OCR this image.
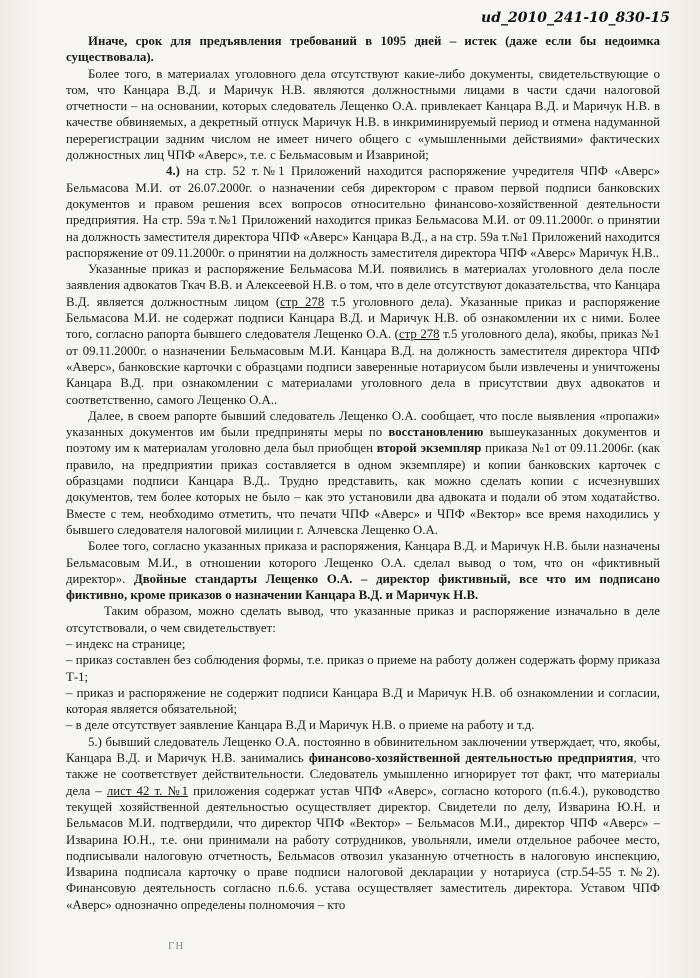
ud_2010_241-10_830-15

Иначе, срок для предъявления требований в 1095 дней – истек (даже если бы недоимка существовала).

Более того, в материалах уголовного дела отсутствуют какие-либо документы, свидетельствующие о том, что Канцара В.Д. и Маричук Н.В. являются должностными лицами в части сдачи налоговой отчетности – на основании, которых следователь Лещенко О.А. привлекает Канцара В.Д. и Маричук Н.В. в качестве обвиняемых, а декретный отпуск Маричук Н.В. в инкриминируемый период и отмена надуманной перерегистрации задним числом не имеет ничего общего с «умышленными действиями» фактических должностных лиц ЧПФ «Аверс», т.е. с Бельмасовым и Изавриной;

4.) на стр. 52 т.№1 Приложений находится распоряжение учредителя ЧПФ «Аверс» Бельмасова М.И. от 26.07.2000г. о назначении себя директором с правом первой подписи банковских документов и правом решения всех вопросов относительно финансово-хозяйственной деятельности предприятия. На стр. 59а т.№1 Приложений находится приказ Бельмасова М.И. от 09.11.2000г. о принятии на должность заместителя директора ЧПФ «Аверс» Канцара В.Д., а на стр. 59а т.№1 Приложений находится распоряжение от 09.11.2000г. о принятии на должность заместителя директора ЧПФ «Аверс» Маричук Н.В..

Указанные приказ и распоряжение Бельмасова М.И. появились в материалах уголовного дела после заявления адвокатов Ткач В.В. и Алексеевой Н.В. о том, что в деле отсутствуют доказательства, что Канцара В.Д. является должностным лицом (стр 278 т.5 уголовного дела). Указанные приказ и распоряжение Бельмасова М.И. не содержат подписи Канцара В.Д. и Маричук Н.В. об ознакомлении их с ними. Более того, согласно рапорта бывшего следователя Лещенко О.А. (стр 278 т.5 уголовного дела), якобы, приказ №1 от 09.11.2000г. о назначении Бельмасовым М.И. Канцара В.Д. на должность заместителя директора ЧПФ «Аверс», банковские карточки с образцами подписи заверенные нотариусом были извлечены и уничтожены Канцара В.Д. при ознакомлении с материалами уголовного дела в присутствии двух адвокатов и соответственно, самого Лещенко О.А..

Далее, в своем рапорте бывший следователь Лещенко О.А. сообщает, что после выявления «пропажи» указанных документов им были предприняты меры по восстановлению вышеуказанных документов и поэтому им к материалам уголовно дела был приобщен второй экземпляр приказа №1 от 09.11.2006г. (как правило, на предприятии приказ составляется в одном экземпляре) и копии банковских карточек с образцами подписи Канцара В.Д.. Трудно представить, как можно сделать копии с исчезнувших документов, тем более которых не было – как это установили два адвоката и подали об этом ходатайство. Вместе с тем, необходимо отметить, что печати ЧПФ «Аверс» и ЧПФ «Вектор» все время находились у бывшего следователя налоговой милиции г. Алчевска Лещенко О.А.

Более того, согласно указанных приказа и распоряжения, Канцара В.Д. и Маричук Н.В. были назначены Бельмасовым М.И., в отношении которого Лещенко О.А. сделал вывод о том, что он «фиктивный директор». Двойные стандарты Лещенко О.А. – директор фиктивный, все что им подписано фиктивно, кроме приказов о назначении Канцара В.Д. и Маричук Н.В.

Таким образом, можно сделать вывод, что указанные приказ и распоряжение изначально в деле отсутствовали, о чем свидетельствует:

– индекс на странице;

– приказ составлен без соблюдения формы, т.е. приказ о приеме на работу должен содержать форму приказа Т-1;

– приказ и распоряжение не содержит подписи Канцара В.Д и Маричук Н.В. об ознакомлении и согласии, которая является обязательной;

– в деле отсутствует заявление Канцара В.Д и Маричук Н.В. о приеме на работу и т.д.

5.) бывший следователь Лещенко О.А. постоянно в обвинительном заключении утверждает, что, якобы, Канцара В.Д. и Маричук Н.В. занимались финансово-хозяйственной деятельностью предприятия, что также не соответствует действительности. Следователь умышленно игнорирует тот факт, что материалы дела – лист 42 т. №1 приложения содержат устав ЧПФ «Аверс», согласно которого (п.6.4.), руководство текущей хозяйственной деятельностью осуществляет директор. Свидетели по делу, Изварина Ю.Н. и Бельмасов М.И. подтвердили, что директор ЧПФ «Вектор» – Бельмасов М.И., директор ЧПФ «Аверс» – Изварина Ю.Н., т.е. они принимали на работу сотрудников, увольняли, имели отдельное рабочее место, подписывали налоговую отчетность, Бельмасов отвозил указанную отчетность в налоговую инспекцию, Изварина подписала карточку о праве подписи налоговой декларации у нотариуса (стр.54-55 т.№2). Финансовую деятельность согласно п.6.6. устава осуществляет заместитель директора. Уставом ЧПФ «Аверс» однозначно определены полномочия – кто

ΓΗ
